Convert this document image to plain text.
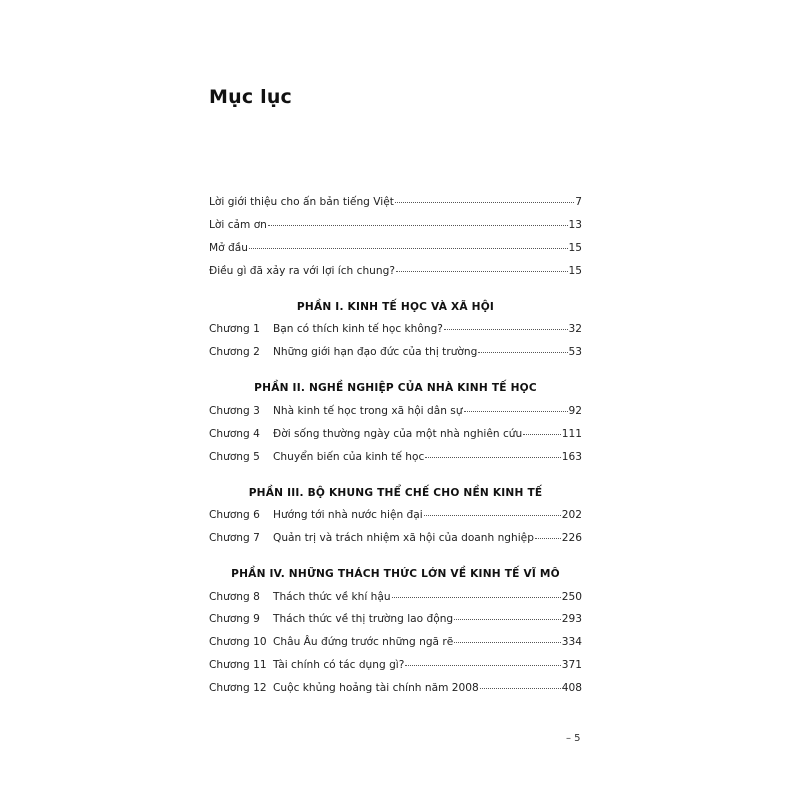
Mục lục
Lời giới thiệu cho ấn bản tiếng Việt	7
Lời cảm ơn	13
Mở đầu	15
Điều gì đã xảy ra với lợi ích chung?	15
PHẦN I. KINH TẾ HỌC VÀ XÃ HỘI
Chương 1	Bạn có thích kinh tế học không?	32
Chương 2	Những giới hạn đạo đức của thị trường	53
PHẦN II. NGHỀ NGHIỆP CỦA NHÀ KINH TẾ HỌC
Chương 3	Nhà kinh tế học trong xã hội dân sự	92
Chương 4	Đời sống thường ngày của một nhà nghiên cứu	111
Chương 5	Chuyển biến của kinh tế học	163
PHẦN III. BỘ KHUNG THỂ CHẾ CHO NỀN KINH TẾ
Chương 6	Hướng tới nhà nước hiện đại	202
Chương 7	Quản trị và trách nhiệm xã hội của doanh nghiệp	226
PHẦN IV. NHỮNG THÁCH THỨC LỚN VỀ KINH TẾ VĨ MÔ
Chương 8	Thách thức về khí hậu	250
Chương 9	Thách thức về thị trường lao động	293
Chương 10 Châu Âu đứng trước những ngã rẽ	334
Chương 11 Tài chính có tác dụng gì?	371
Chương 12 Cuộc khủng hoảng tài chính năm 2008	408
– 5
